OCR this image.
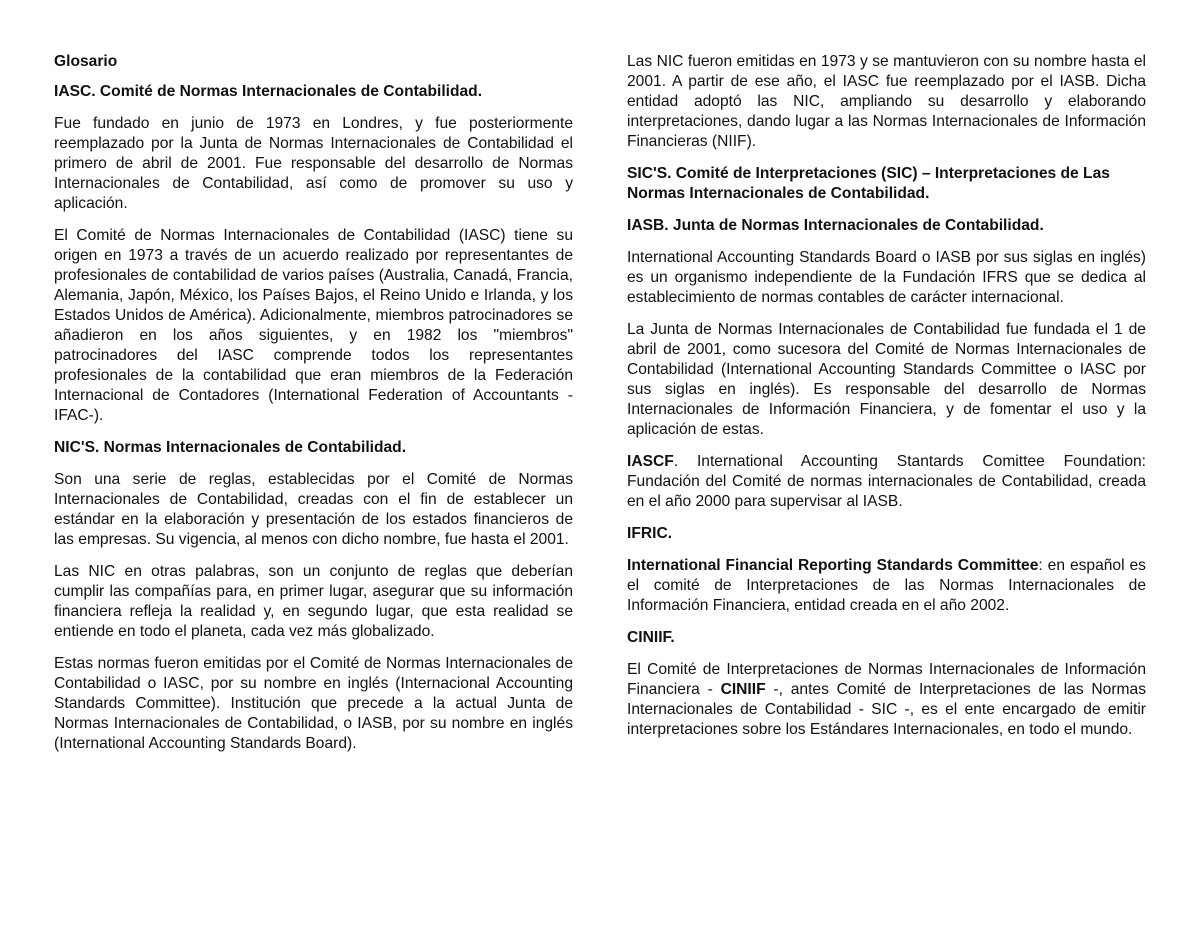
Glosario

IASC. Comité de Normas Internacionales de Contabilidad.

Fue fundado en junio de 1973 en Londres, y fue posteriormente reemplazado por la Junta de Normas Internacionales de Contabilidad el primero de abril de 2001. Fue responsable del desarrollo de Normas Internacionales de Contabilidad, así como de promover su uso y aplicación.

El Comité de Normas Internacionales de Contabilidad (IASC) tiene su origen en 1973 a través de un acuerdo realizado por representantes de profesionales de contabilidad de varios países (Australia, Canadá, Francia, Alemania, Japón, México, los Países Bajos, el Reino Unido e Irlanda, y los Estados Unidos de América). Adicionalmente, miembros patrocinadores se añadieron en los años siguientes, y en 1982 los "miembros" patrocinadores del IASC comprende todos los representantes profesionales de la contabilidad que eran miembros de la Federación Internacional de Contadores (International Federation of Accountants -IFAC-).

NIC'S. Normas Internacionales de Contabilidad.

Son una serie de reglas, establecidas por el Comité de Normas Internacionales de Contabilidad, creadas con el fin de establecer un estándar en la elaboración y presentación de los estados financieros de las empresas. Su vigencia, al menos con dicho nombre, fue hasta el 2001.

Las NIC en otras palabras, son un conjunto de reglas que deberían cumplir las compañías para, en primer lugar, asegurar que su información financiera refleja la realidad y, en segundo lugar, que esta realidad se entiende en todo el planeta, cada vez más globalizado.

Estas normas fueron emitidas por el Comité de Normas Internacionales de Contabilidad o IASC, por su nombre en inglés (Internacional Accounting Standards Committee). Institución que precede a la actual Junta de Normas Internacionales de Contabilidad, o IASB, por su nombre en inglés (International Accounting Standards Board).

Las NIC fueron emitidas en 1973 y se mantuvieron con su nombre hasta el 2001. A partir de ese año, el IASC fue reemplazado por el IASB. Dicha entidad adoptó las NIC, ampliando su desarrollo y elaborando interpretaciones, dando lugar a las Normas Internacionales de Información Financieras (NIIF).

SIC'S. Comité de Interpretaciones (SIC) – Interpretaciones de Las Normas Internacionales de Contabilidad.

IASB. Junta de Normas Internacionales de Contabilidad.

International Accounting Standards Board o IASB por sus siglas en inglés) es un organismo independiente de la Fundación IFRS que se dedica al establecimiento de normas contables de carácter internacional.

La Junta de Normas Internacionales de Contabilidad fue fundada el 1 de abril de 2001, como sucesora del Comité de Normas Internacionales de Contabilidad (International Accounting Standards Committee o IASC por sus siglas en inglés). Es responsable del desarrollo de Normas Internacionales de Información Financiera, y de fomentar el uso y la aplicación de estas.

IASCF. International Accounting Stantards Comittee Foundation: Fundación del Comité de normas internacionales de Contabilidad, creada en el año 2000 para supervisar al IASB.

IFRIC.

International Financial Reporting Standards Committee: en español es el comité de Interpretaciones de las Normas Internacionales de Información Financiera, entidad creada en el año 2002.

CINIIF.

El Comité de Interpretaciones de Normas Internacionales de Información Financiera - CINIIF -, antes Comité de Interpretaciones de las Normas Internacionales de Contabilidad - SIC -, es el ente encargado de emitir interpretaciones sobre los Estándares Internacionales, en todo el mundo.
